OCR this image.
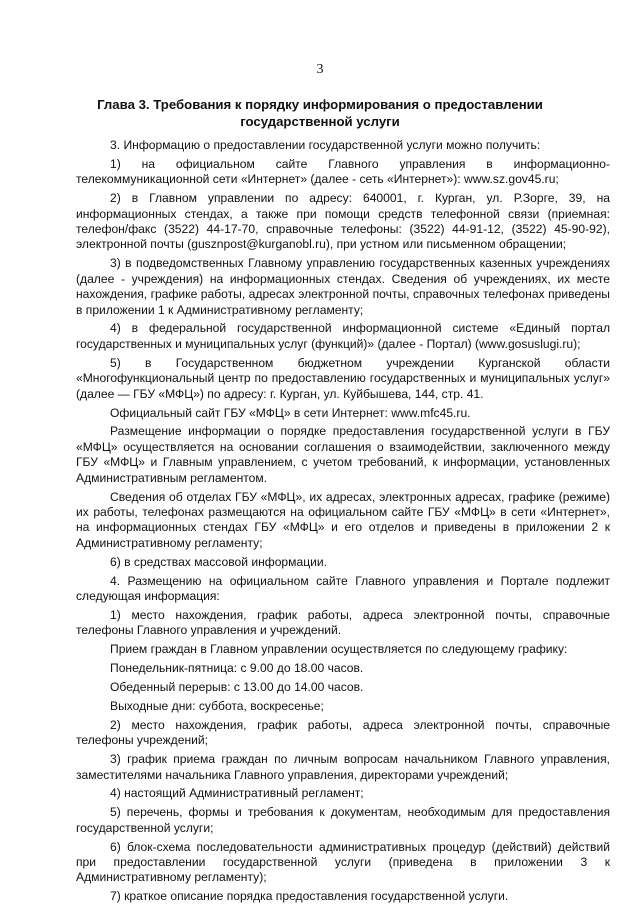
3
Глава 3. Требования к порядку информирования о предоставлении государственной услуги

3. Информацию о предоставлении государственной услуги можно получить:

1) на официальном сайте Главного управления в информационно-телекоммуникационной сети «Интернет» (далее - сеть «Интернет»): www.sz.gov45.ru;

2) в Главном управлении по адресу: 640001, г. Курган, ул. Р.Зорге, 39, на информационных стендах, а также при помощи средств телефонной связи (приемная: телефон/факс (3522) 44-17-70, справочные телефоны: (3522) 44-91-12, (3522) 45-90-92), электронной почты (gusznpost@kurganobl.ru), при устном или письменном обращении;

3) в подведомственных Главному управлению государственных казенных учреждениях (далее - учреждения) на информационных стендах. Сведения об учреждениях, их месте нахождения, графике работы, адресах электронной почты, справочных телефонах приведены в приложении 1 к Административному регламенту;

4) в федеральной государственной информационной системе «Единый портал государственных и муниципальных услуг (функций)» (далее - Портал) (www.gosuslugi.ru);

5) в Государственном бюджетном учреждении Курганской области «Многофункциональный центр по предоставлению государственных и муниципальных услуг» (далее — ГБУ «МФЦ») по адресу: г. Курган, ул. Куйбышева, 144, стр. 41.

Официальный сайт ГБУ «МФЦ» в сети Интернет: www.mfc45.ru.

Размещение информации о порядке предоставления государственной услуги в ГБУ «МФЦ» осуществляется на основании соглашения о взаимодействии, заключенного между ГБУ «МФЦ» и Главным управлением, с учетом требований, к информации, установленных Административным регламентом.

Сведения об отделах ГБУ «МФЦ», их адресах, электронных адресах, графике (режиме) их работы, телефонах размещаются на официальном сайте ГБУ «МФЦ» в сети «Интернет», на информационных стендах ГБУ «МФЦ» и его отделов и приведены в приложении 2 к Административному регламенту;

6) в средствах массовой информации.

4. Размещению на официальном сайте Главного управления и Портале подлежит следующая информация:

1) место нахождения, график работы, адреса электронной почты, справочные телефоны Главного управления и учреждений.

Прием граждан в Главном управлении осуществляется по следующему графику:

Понедельник-пятница: с 9.00 до 18.00 часов.

Обеденный перерыв: с 13.00 до 14.00 часов.

Выходные дни: суббота, воскресенье;

2) место нахождения, график работы, адреса электронной почты, справочные телефоны учреждений;

3) график приема граждан по личным вопросам начальником Главного управления, заместителями начальника Главного управления, директорами учреждений;

4) настоящий Административный регламент;

5) перечень, формы и требования к документам, необходимым для предоставления государственной услуги;

6) блок-схема последовательности административных процедур (действий) действий при предоставлении государственной услуги (приведена в приложении 3 к Административному регламенту);

7) краткое описание порядка предоставления государственной услуги.
